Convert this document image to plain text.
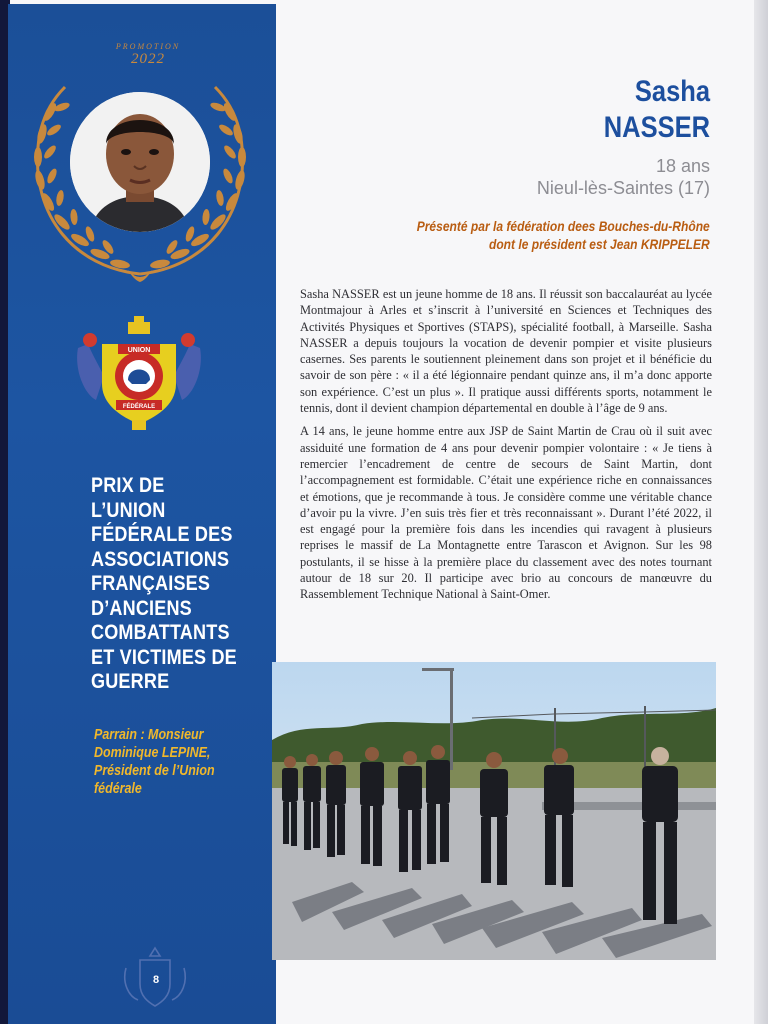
PROMOTION
2022
UNION
FÉDÉRALE
PRIX DE
L’UNION
FÉDÉRALE DES
ASSOCIATIONS
FRANÇAISES
D’ANCIENS
COMBATTANTS
ET VICTIMES DE
GUERRE
Parrain : Monsieur
Dominique LEPINE,
Président de l’Union
fédérale
8
Sasha
NASSER
18 ans
Nieul-lès-Saintes (17)
Présenté par la fédération dees Bouches-du-Rhône
dont le président est Jean KRIPPELER

Sasha NASSER est un jeune homme de 18 ans. Il réussit son baccalauréat au lycée Montmajour à Arles et s’inscrit à l’université en Sciences et Techniques des Activités Physiques et Sportives (STAPS), spécialité football, à Marseille. Sasha NASSER a depuis toujours la vocation de devenir pompier et visite plusieurs casernes. Ses parents le soutiennent pleinement dans son projet et il bénéficie du savoir de son père : « il a été légionnaire pendant quinze ans, il m’a donc apporte son expérience. C’est un plus ». Il pratique aussi différents sports, notamment le tennis, dont il devient champion départemental en double à l’âge de 9 ans.

A 14 ans, le jeune homme entre aux JSP de Saint Martin de Crau où il suit avec assiduité une formation de 4 ans pour devenir pompier volontaire : « Je tiens à remercier l’encadrement de centre de secours de Saint Martin, dont l’accompagnement est formidable. C’était une expérience riche en connaissances et émotions, que je recommande à tous. Je considère comme une véritable chance d’avoir pu la vivre. J’en suis très fier et très reconnaissant ». Durant l’été 2022, il est engagé pour la première fois dans les incendies qui ravagent à plusieurs reprises le massif de La Montagnette entre Tarascon et Avignon. Sur les 98 postulants, il se hisse à la première place du classement avec des notes tournant autour de 18 sur 20. Il participe avec brio au concours de manœuvre du Rassemblement Technique National à Saint-Omer.
